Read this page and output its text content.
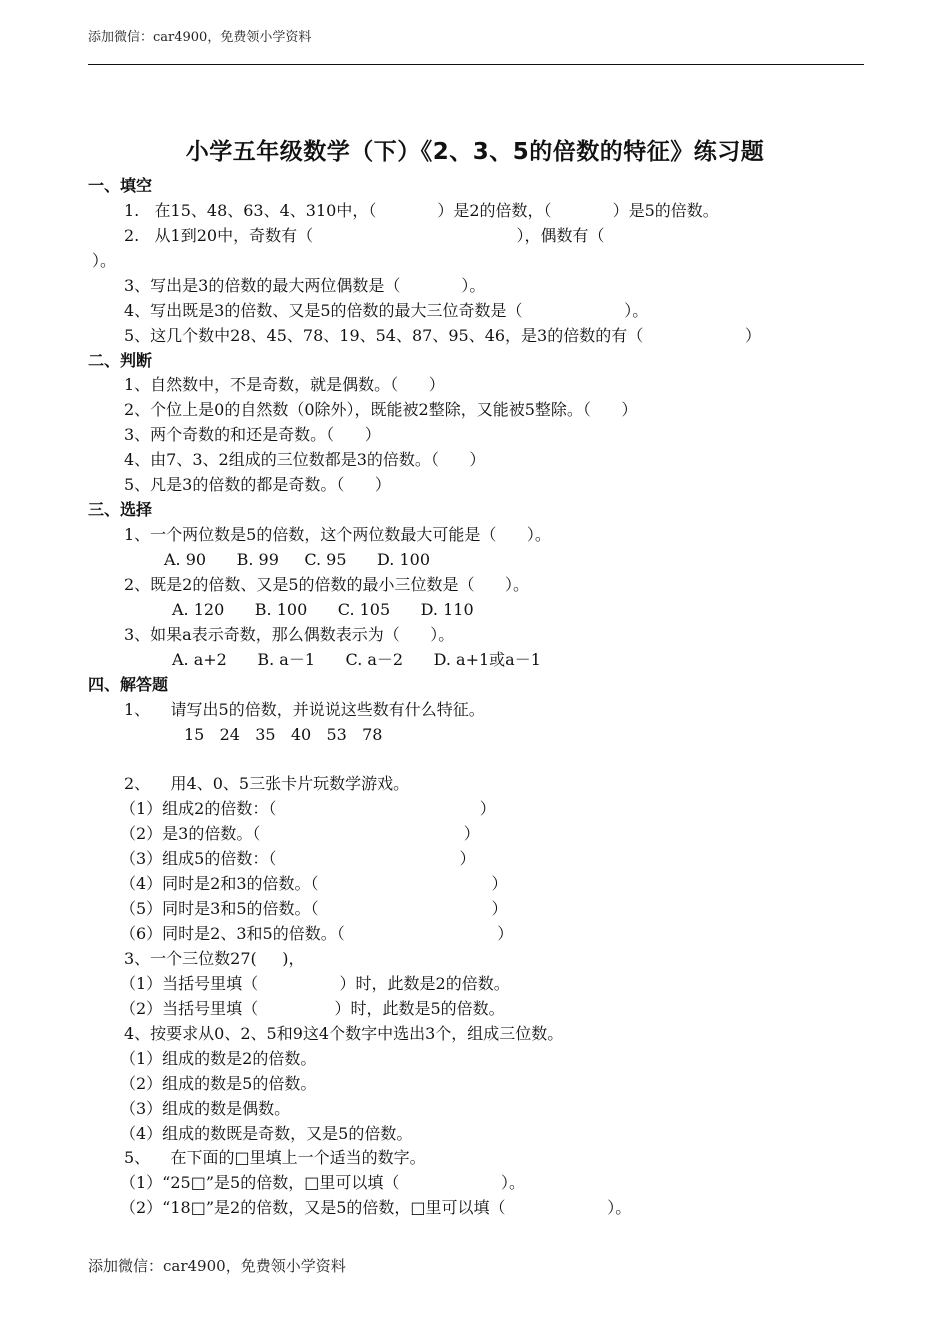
添加微信：car4900，免费领小学资料
小学五年级数学（下）《2、3、5的倍数的特征》练习题
一、填空
1.   在15、48、63、4、310中，（            ）是2的倍数，（            ）是5的倍数。
2.   从1到20中，奇数有（                                        ），偶数有（
）。
3、写出是3的倍数的最大两位偶数是（            ）。
4、写出既是3的倍数、又是5的倍数的最大三位奇数是（                    ）。
5、这几个数中28、45、78、19、54、87、95、46，是3的倍数的有（                    ）
二、判断
1、自然数中，不是奇数，就是偶数。（      ）
2、个位上是0的自然数（0除外），既能被2整除，又能被5整除。（      ）
3、两个奇数的和还是奇数。（      ）
4、由7、3、2组成的三位数都是3的倍数。（      ）
5、凡是3的倍数的都是奇数。（      ）
三、选择
1、一个两位数是5的倍数，这个两位数最大可能是（      ）。
A. 90      B. 99     C. 95      D. 100
2、既是2的倍数、又是5的倍数的最小三位数是（      ）。
A. 120      B. 100      C. 105      D. 110
3、如果a表示奇数，那么偶数表示为（      ）。
A. a+2      B. a－1      C. a－2      D. a+1或a－1
四、解答题
1、    请写出5的倍数，并说说这些数有什么特征。
15   24   35   40   53   78
2、    用4、0、5三张卡片玩数学游戏。
（1）组成2的倍数：（                                        ）
（2）是3的倍数。（                                        ）
（3）组成5的倍数：（                                    ）
（4）同时是2和3的倍数。（                                  ）
（5）同时是3和5的倍数。（                                  ）
（6）同时是2、3和5的倍数。（                              ）
3、一个三位数27(     )，
（1）当括号里填（                ）时，此数是2的倍数。
（2）当括号里填（               ）时，此数是5的倍数。
4、按要求从0、2、5和9这4个数字中选出3个，组成三位数。
（1）组成的数是2的倍数。
（2）组成的数是5的倍数。
（3）组成的数是偶数。
（4）组成的数既是奇数，又是5的倍数。
5、    在下面的□里填上一个适当的数字。
（1）“25□”是5的倍数，□里可以填（                    ）。
（2）“18□”是2的倍数，又是5的倍数，□里可以填（                    ）。
添加微信：car4900，免费领小学资料
